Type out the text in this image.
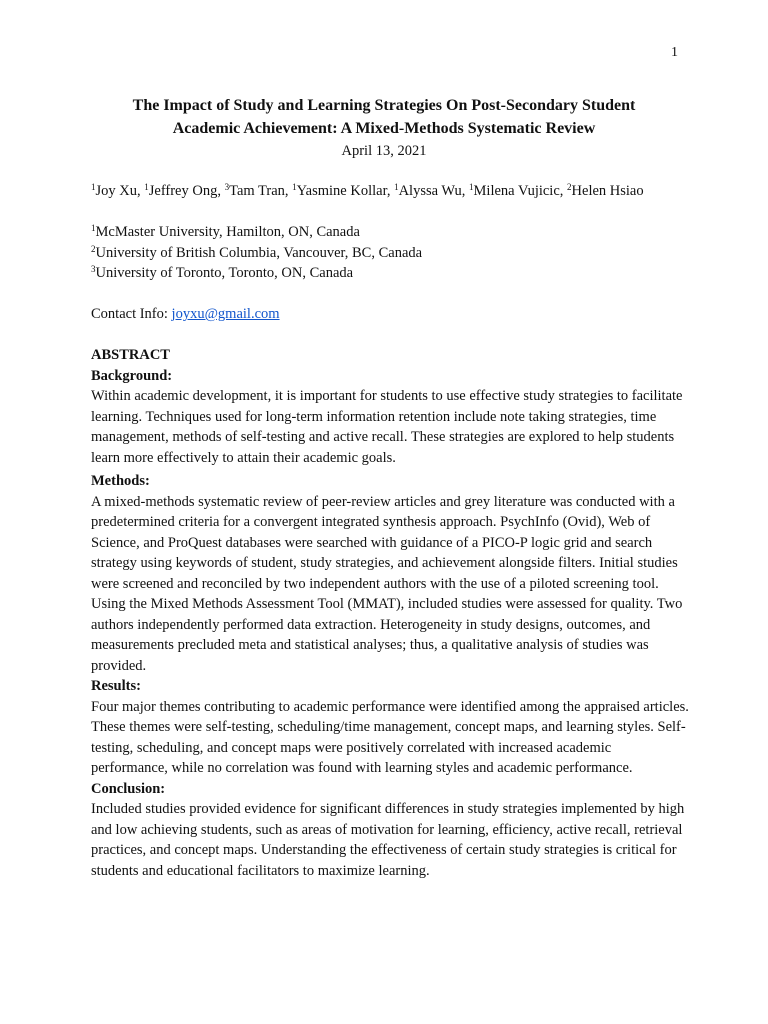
1
The Impact of Study and Learning Strategies On Post-Secondary Student
Academic Achievement: A Mixed-Methods Systematic Review
April 13, 2021
$^1$Joy Xu, $^1$Jeffrey Ong, $^3$Tam Tran, $^1$Yasmine Kollar, $^1$Alyssa Wu, $^1$Milena Vujicic, $^2$Helen Hsiao
$^1$McMaster University, Hamilton, ON, Canada
$^2$University of British Columbia, Vancouver, BC, Canada
$^3$University of Toronto, Toronto, ON, Canada
Contact Info: joyxu@gmail.com
ABSTRACT
Background:

Within academic development, it is important for students to use effective study strategies to facilitate learning. Techniques used for long-term information retention include note taking strategies, time management, methods of self-testing and active recall. These strategies are explored to help students learn more effectively to attain their academic goals.

Methods:

A mixed-methods systematic review of peer-review articles and grey literature was conducted with a predetermined criteria for a convergent integrated synthesis approach. PsychInfo (Ovid), Web of Science, and ProQuest databases were searched with guidance of a PICO-P logic grid and search strategy using keywords of student, study strategies, and achievement alongside filters. Initial studies were screened and reconciled by two independent authors with the use of a piloted screening tool. Using the Mixed Methods Assessment Tool (MMAT), included studies were assessed for quality. Two authors independently performed data extraction. Heterogeneity in study designs, outcomes, and measurements precluded meta and statistical analyses; thus, a qualitative analysis of studies was provided.

Results:

Four major themes contributing to academic performance were identified among the appraised articles. These themes were self-testing, scheduling/time management, concept maps, and learning styles. Self-testing, scheduling, and concept maps were positively correlated with increased academic performance, while no correlation was found with learning styles and academic performance.

Conclusion:

Included studies provided evidence for significant differences in study strategies implemented by high and low achieving students, such as areas of motivation for learning, efficiency, active recall, retrieval practices, and concept maps. Understanding the effectiveness of certain study strategies is critical for students and educational facilitators to maximize learning.
